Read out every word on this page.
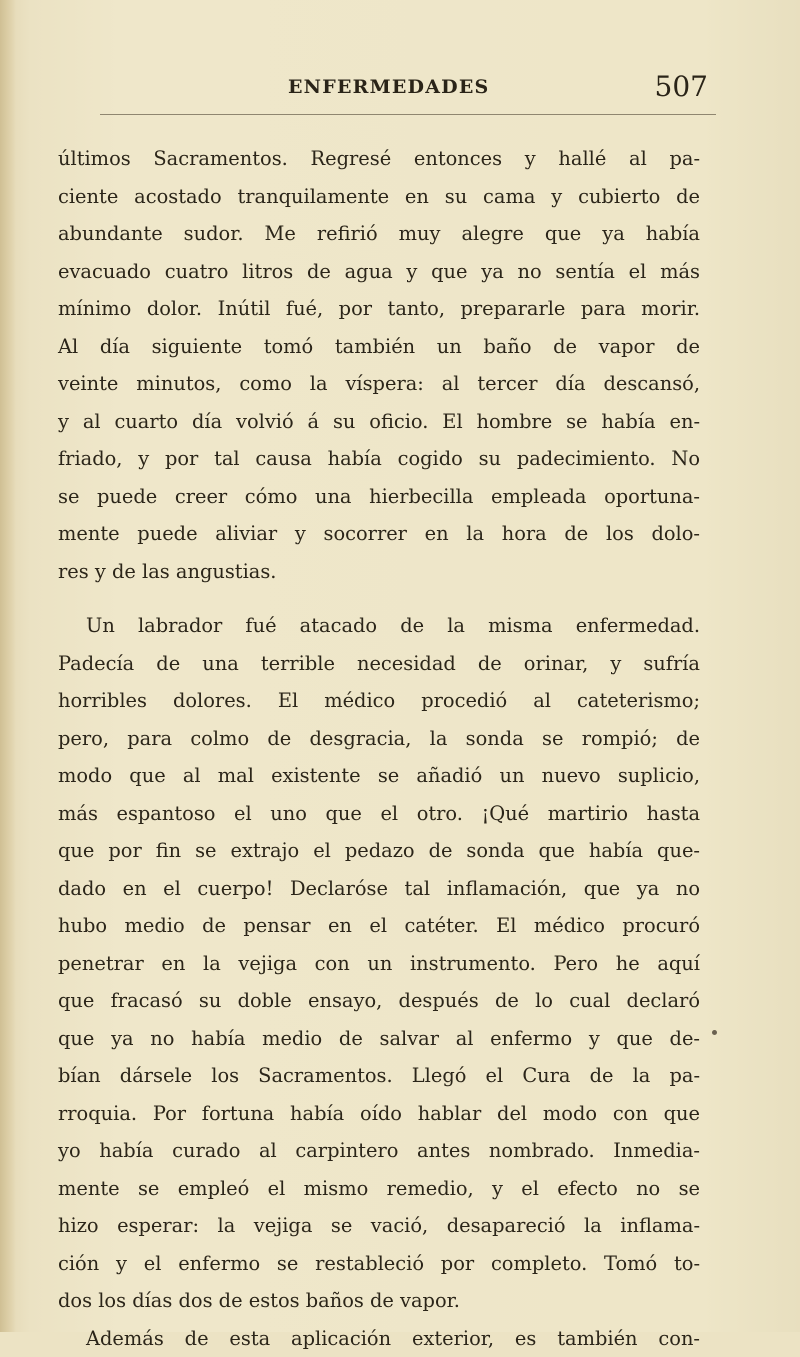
ENFERMEDADES	507
últimos Sacramentos. Regresé entonces y hallé al pa-
ciente acostado tranquilamente en su cama y cubierto de
abundante sudor. Me refirió muy alegre que ya había
evacuado cuatro litros de agua y que ya no sentía el más
mínimo dolor. Inútil fué, por tanto, prepararle para morir.
Al día siguiente tomó también un baño de vapor de
veinte minutos, como la víspera: al tercer día descansó,
y al cuarto día volvió á su oficio. El hombre se había en-
friado, y por tal causa había cogido su padecimiento. No
se puede creer cómo una hierbecilla empleada oportuna-
mente puede aliviar y socorrer en la hora de los dolo-
res y de las angustias.
Un labrador fué atacado de la misma enfermedad.
Padecía de una terrible necesidad de orinar, y sufría
horribles dolores. El médico procedió al cateterismo;
pero, para colmo de desgracia, la sonda se rompió; de
modo que al mal existente se añadió un nuevo suplicio,
más espantoso el uno que el otro. ¡Qué martirio hasta
que por fin se extrajo el pedazo de sonda que había que-
dado en el cuerpo! Declaróse tal inflamación, que ya no
hubo medio de pensar en el catéter. El médico procuró
penetrar en la vejiga con un instrumento. Pero he aquí
que fracasó su doble ensayo, después de lo cual declaró
que ya no había medio de salvar al enfermo y que de-
bían dársele los Sacramentos. Llegó el Cura de la pa-
rroquia. Por fortuna había oído hablar del modo con que
yo había curado al carpintero antes nombrado. Inmedia-
mente se empleó el mismo remedio, y el efecto no se
hizo esperar: la vejiga se vació, desapareció la inflama-
ción y el enfermo se restableció por completo. Tomó to-
dos los días dos de estos baños de vapor.
Además de esta aplicación exterior, es también con-
